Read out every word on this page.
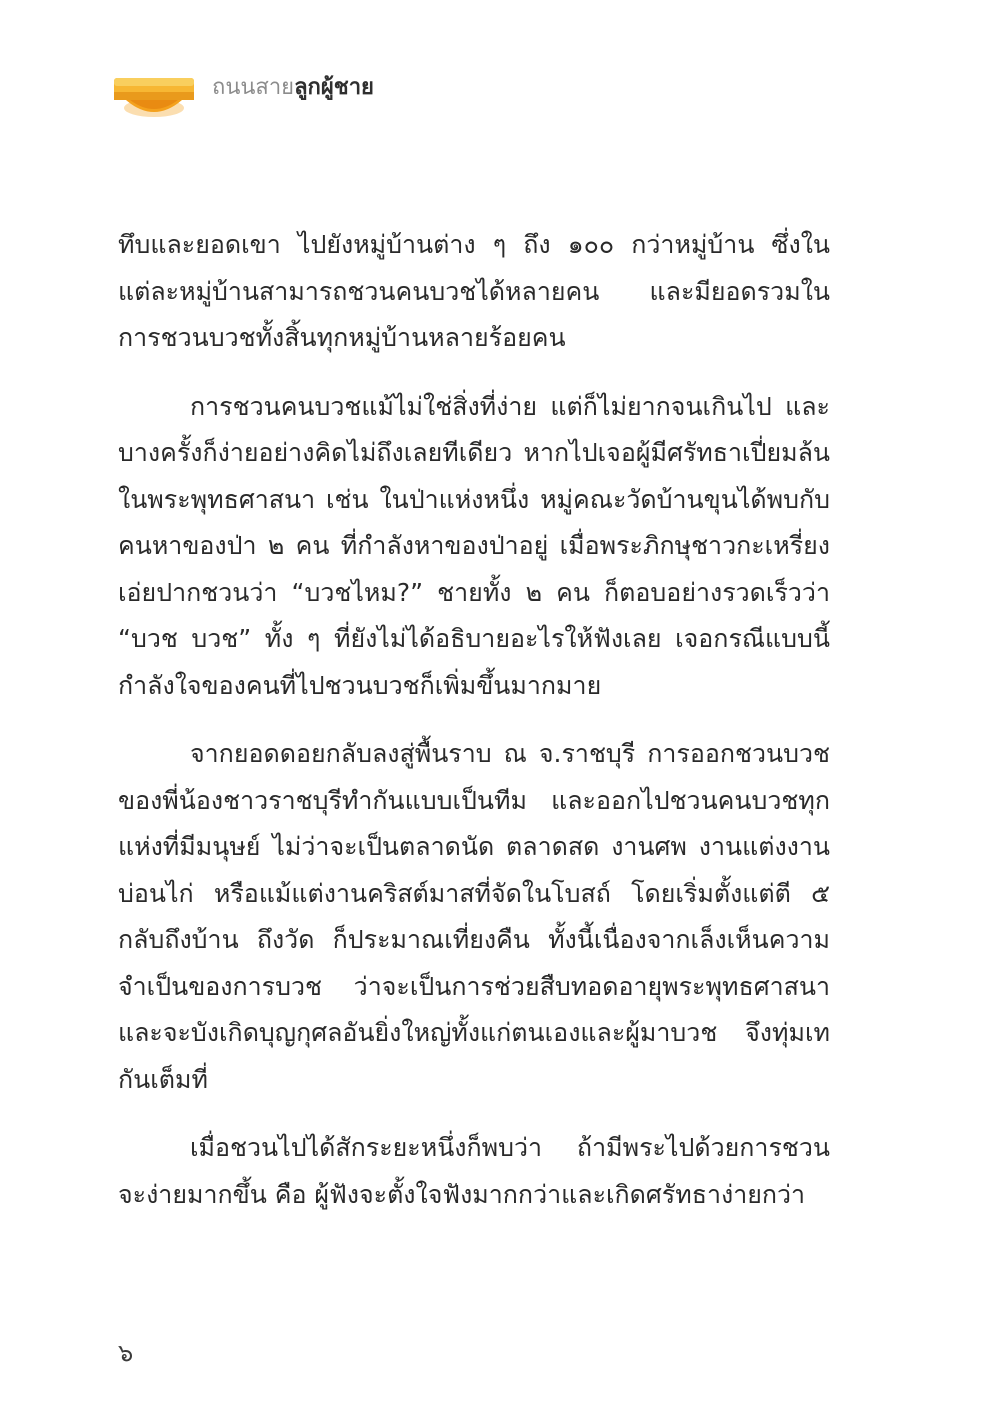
ถนนสายลูกผู้ชาย

ทึบและยอดเขา ไปยังหมู่บ้านต่าง ๆ ถึง ๑๐๐ กว่าหมู่บ้าน ซึ่งในแต่ละหมู่บ้านสามารถชวนคนบวชได้หลายคน และมียอดรวมในการชวนบวชทั้งสิ้นทุกหมู่บ้านหลายร้อยคน

การชวนคนบวชแม้ไม่ใช่สิ่งที่ง่าย แต่ก็ไม่ยากจนเกินไป และบางครั้งก็ง่ายอย่างคิดไม่ถึงเลยทีเดียว หากไปเจอผู้มีศรัทธาเปี่ยมล้นในพระพุทธศาสนา เช่น ในป่าแห่งหนึ่ง หมู่คณะวัดบ้านขุนได้พบกับคนหาของป่า ๒ คน ที่กำลังหาของป่าอยู่ เมื่อพระภิกษุชาวกะเหรี่ยงเอ่ยปากชวนว่า “บวชไหม?” ชายทั้ง ๒ คน ก็ตอบอย่างรวดเร็วว่า “บวช บวช” ทั้ง ๆ ที่ยังไม่ได้อธิบายอะไรให้ฟังเลย เจอกรณีแบบนี้กำลังใจของคนที่ไปชวนบวชก็เพิ่มขึ้นมากมาย

จากยอดดอยกลับลงสู่พื้นราบ ณ จ.ราชบุรี การออกชวนบวชของพี่น้องชาวราชบุรีทำกันแบบเป็นทีม และออกไปชวนคนบวชทุกแห่งที่มีมนุษย์ ไม่ว่าจะเป็นตลาดนัด ตลาดสด งานศพ งานแต่งงาน บ่อนไก่ หรือแม้แต่งานคริสต์มาสที่จัดในโบสถ์ โดยเริ่มตั้งแต่ตี ๕ กลับถึงบ้าน ถึงวัด ก็ประมาณเที่ยงคืน ทั้งนี้เนื่องจากเล็งเห็นความจำเป็นของการบวช ว่าจะเป็นการช่วยสืบทอดอายุพระพุทธศาสนา และจะบังเกิดบุญกุศลอันยิ่งใหญ่ทั้งแก่ตนเองและผู้มาบวช จึงทุ่มเทกันเต็มที่

เมื่อชวนไปได้สักระยะหนึ่งก็พบว่า ถ้ามีพระไปด้วยการชวนจะง่ายมากขึ้น คือ ผู้ฟังจะตั้งใจฟังมากกว่าและเกิดศรัทธาง่ายกว่า

๖
